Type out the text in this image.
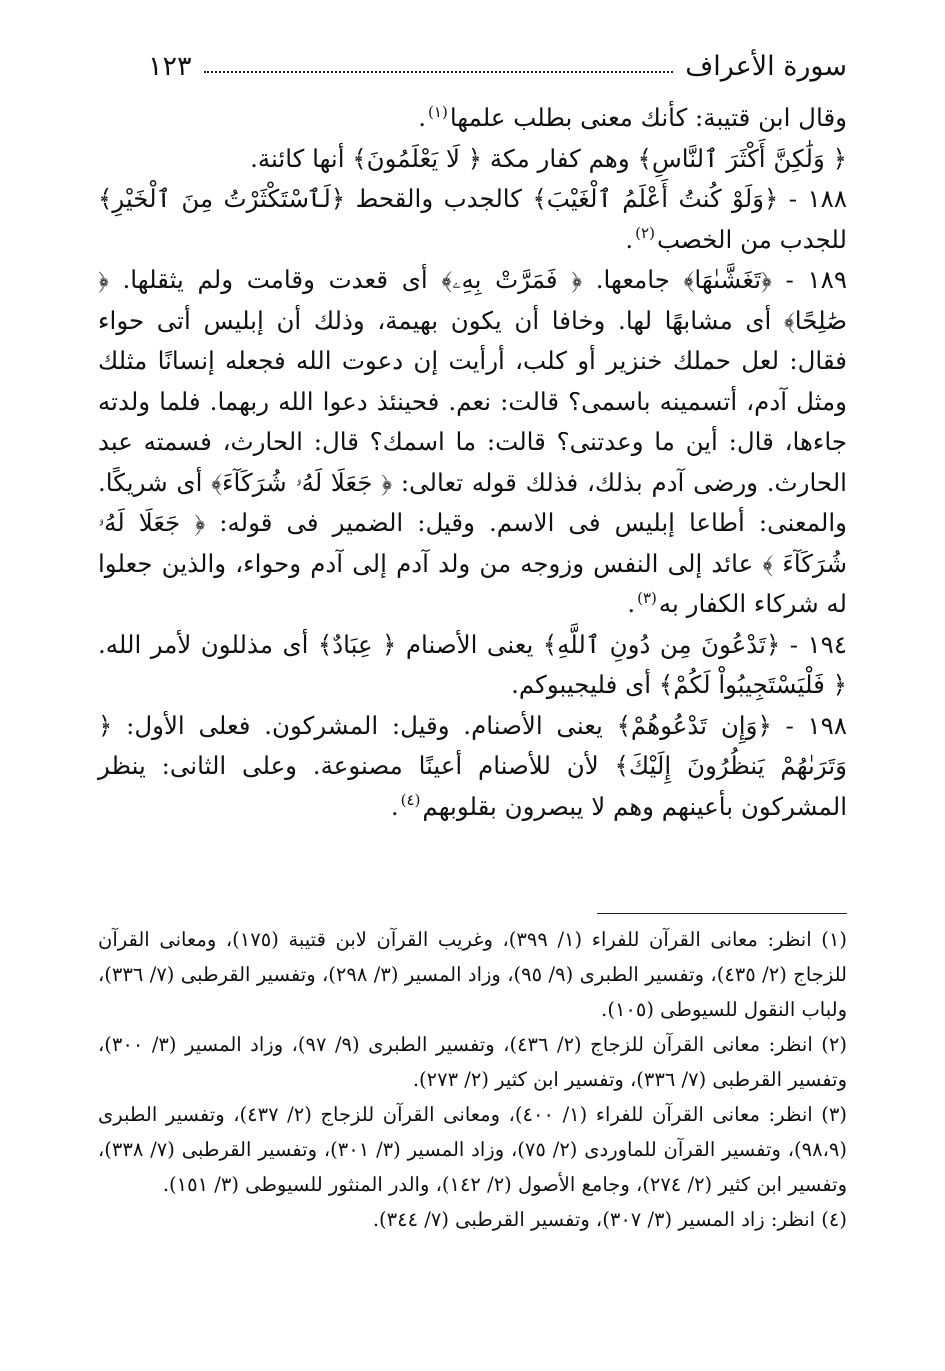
سورة الأعراف
١٢٣

وقال ابن قتيبة: كأنك معنى بطلب علمها$^{(١)}$.

﴿ وَلَٰكِنَّ أَكْثَرَ ٱلنَّاسِ﴾ وهم كفار مكة ﴿ لَا يَعْلَمُونَ﴾ أنها كائنة.

١٨٨ - ﴿وَلَوْ كُنتُ أَعْلَمُ ٱلْغَيْبَ﴾ كالجدب والقحط ﴿لَٱسْتَكْثَرْتُ مِنَ ٱلْخَيْرِ﴾ للجدب من الخصب$^{(٢)}$.

١٨٩ - ﴿تَغَشَّىٰهَا﴾ جامعها. ﴿ فَمَرَّتْ بِهِۦ﴾ أى قعدت وقامت ولم يثقلها. ﴿ صَٰلِحًا﴾ أى مشابهًا لها. وخافا أن يكون بهيمة، وذلك أن إبليس أتى حواء فقال: لعل حملك خنزير أو كلب، أرأيت إن دعوت الله فجعله إنسانًا مثلك ومثل آدم، أتسمينه باسمى؟ قالت: نعم. فحينئذ دعوا الله ربهما. فلما ولدته جاءها، قال: أين ما وعدتنى؟ قالت: ما اسمك؟ قال: الحارث، فسمته عبد الحارث. ورضى آدم بذلك، فذلك قوله تعالى: ﴿ جَعَلَا لَهُۥ شُرَكَآءَ﴾ أى شريكًا. والمعنى: أطاعا إبليس فى الاسم. وقيل: الضمير فى قوله: ﴿ جَعَلَا لَهُۥ شُرَكَآءَ ﴾ عائد إلى النفس وزوجه من ولد آدم إلى آدم وحواء، والذين جعلوا له شركاء الكفار به$^{(٣)}$.

١٩٤ - ﴿تَدْعُونَ مِن دُونِ ٱللَّهِ﴾ يعنى الأصنام ﴿ عِبَادٌ﴾ أى مذللون لأمر الله. ﴿ فَلْيَسْتَجِيبُواْ لَكُمْ﴾ أى فليجيبوكم.

١٩٨ - ﴿وَإِن تَدْعُوهُمْ﴾ يعنى الأصنام. وقيل: المشركون. فعلى الأول: ﴿ وَتَرَىٰهُمْ يَنظُرُونَ إِلَيْكَ﴾ لأن للأصنام أعينًا مصنوعة. وعلى الثانى: ينظر المشركون بأعينهم وهم لا يبصرون بقلوبهم$^{(٤)}$.

(١) انظر: معانى القرآن للفراء (١/ ٣٩٩)، وغريب القرآن لابن قتيبة (١٧٥)، ومعانى القرآن للزجاج (٢/ ٤٣٥)، وتفسير الطبرى (٩/ ٩٥)، وزاد المسير (٣/ ٢٩٨)، وتفسير القرطبى (٧/ ٣٣٦)، ولباب النقول للسيوطى (١٠٥).

(٢) انظر: معانى القرآن للزجاج (٢/ ٤٣٦)، وتفسير الطبرى (٩/ ٩٧)، وزاد المسير (٣/ ٣٠٠)، وتفسير القرطبى (٧/ ٣٣٦)، وتفسير ابن كثير (٢/ ٢٧٣).

(٣) انظر: معانى القرآن للفراء (١/ ٤٠٠)، ومعانى القرآن للزجاج (٢/ ٤٣٧)، وتفسير الطبرى (٩٨،٩)، وتفسير القرآن للماوردى (٢/ ٧٥)، وزاد المسير (٣/ ٣٠١)، وتفسير القرطبى (٧/ ٣٣٨)، وتفسير ابن كثير (٢/ ٢٧٤)، وجامع الأصول (٢/ ١٤٢)، والدر المنثور للسيوطى (٣/ ١٥١).

(٤) انظر: زاد المسير (٣/ ٣٠٧)، وتفسير القرطبى (٧/ ٣٤٤).
